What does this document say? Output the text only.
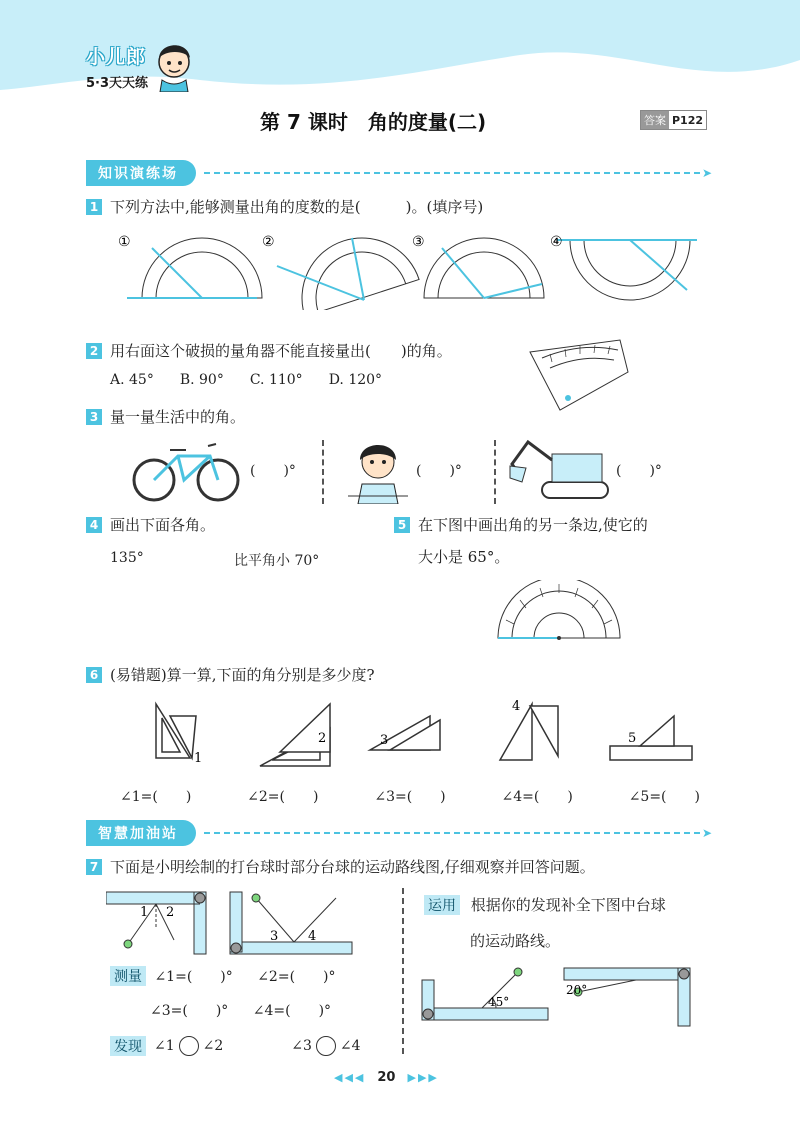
小儿郎
5·3天天练
第 7 课时　角的度量(二)	答案 P122
知识演练场	➤
1 下列方法中,能够测量出角的度数的是(　　　)。(填序号)
①	②	③	④
2 用右面这个破损的量角器不能直接量出(　　)的角。
A. 45° B. 90° C. 110° D. 120°
3 量一量生活中的角。
(　　)°	(　　)°	(　　)°
4 画出下面各角。
135°	比平角小 70°
5 在下图中画出角的另一条边,使它的
大小是 65°。
6 (易错题)算一算,下面的角分别是多少度?
1
2	3
4
5
∠1=(　　)	∠2=(　　)	∠3=(　　)	∠4=(　　)	∠5=(　　)
智慧加油站	➤
7 下面是小明绘制的打台球时部分台球的运动路线图,仔细观察并回答问题。
1 2
3 4
测量 ∠1=(　　)° ∠2=(　　)°
∠3=(　　)° ∠4=(　　)°
发现 ∠1 ∠2	∠3 ∠4
运用 根据你的发现补全下图中台球
的运动路线。
45°
20°
◀◀◀ 20 ▶▶▶
